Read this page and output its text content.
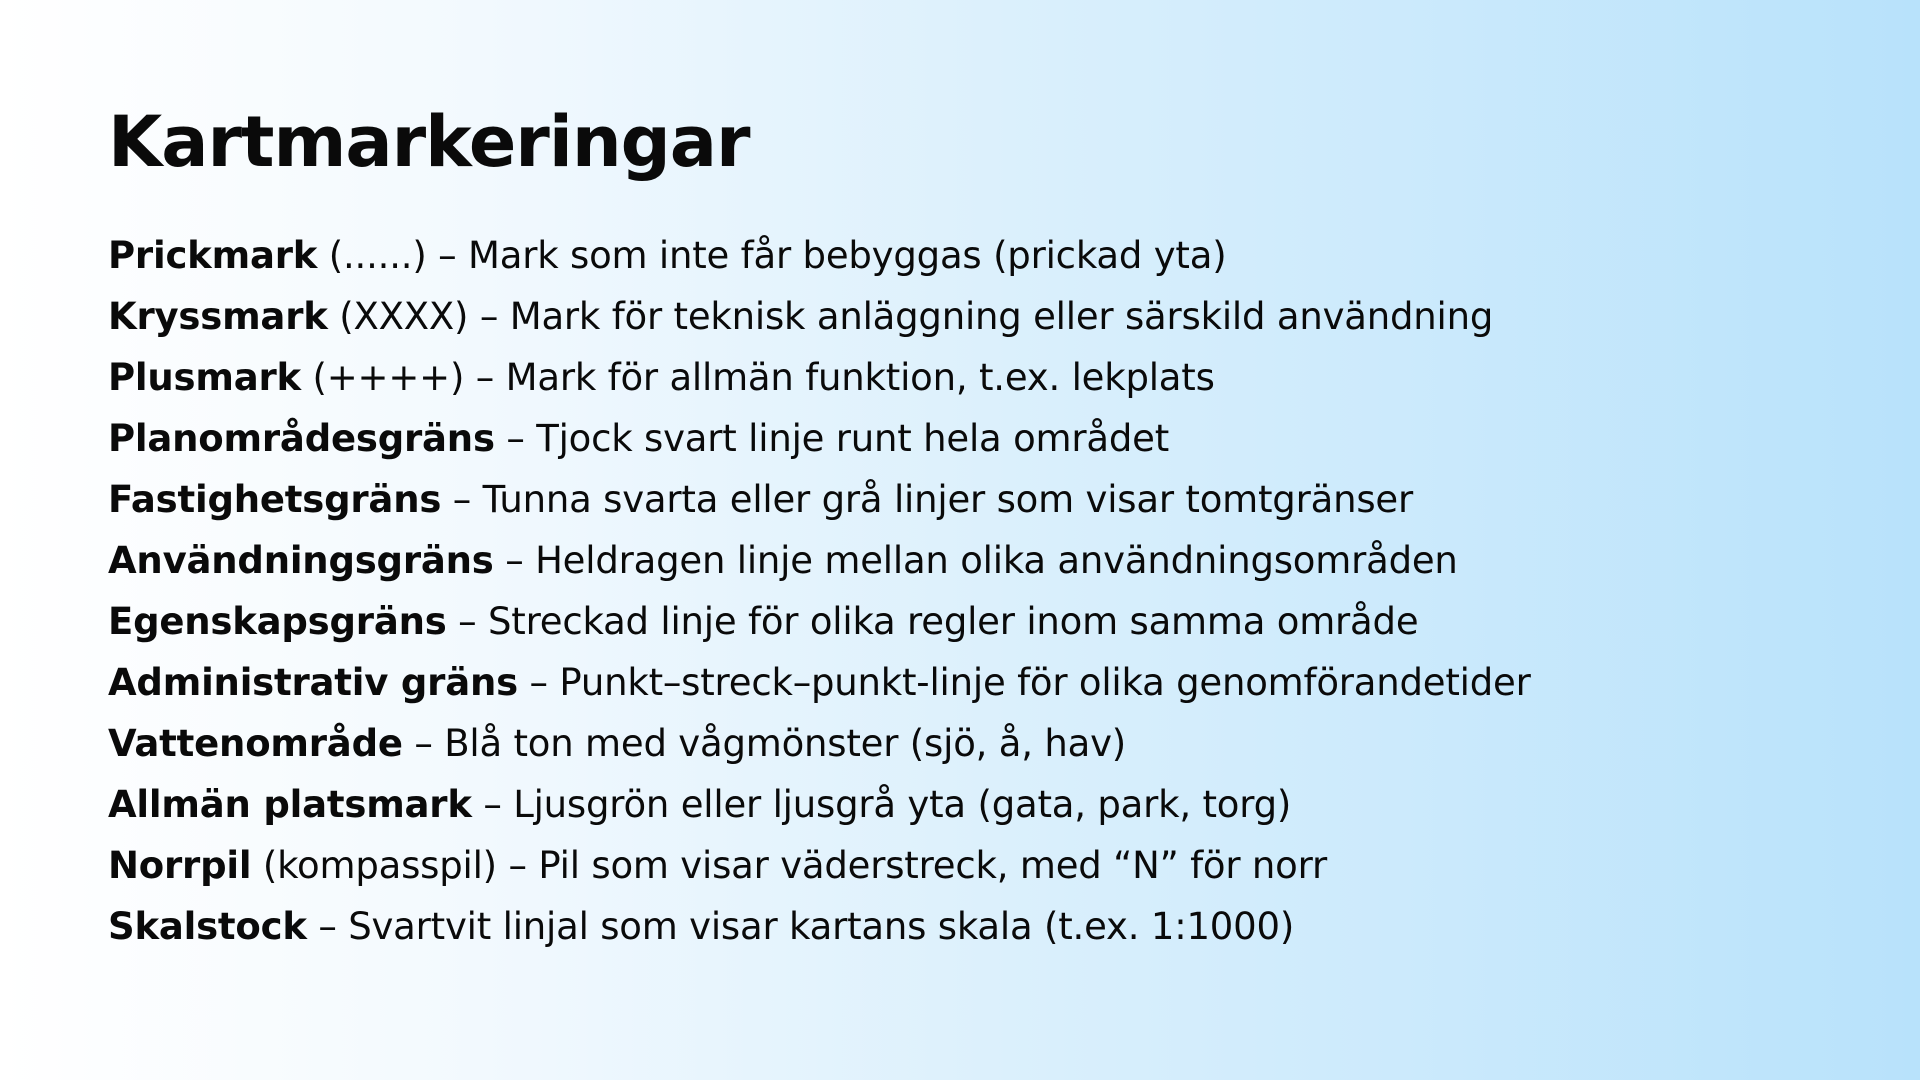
Kartmarkeringar
Prickmark (......) – Mark som inte får bebyggas (prickad yta)
Kryssmark (XXXX) – Mark för teknisk anläggning eller särskild användning
Plusmark (++++) – Mark för allmän funktion, t.ex. lekplats
Planområdesgräns – Tjock svart linje runt hela området
Fastighetsgräns – Tunna svarta eller grå linjer som visar tomtgränser
Användningsgräns – Heldragen linje mellan olika användningsområden
Egenskapsgräns – Streckad linje för olika regler inom samma område
Administrativ gräns – Punkt–streck–punkt-linje för olika genomförandetider
Vattenområde – Blå ton med vågmönster (sjö, å, hav)
Allmän platsmark – Ljusgrön eller ljusgrå yta (gata, park, torg)
Norrpil (kompasspil) – Pil som visar väderstreck, med “N” för norr
Skalstock – Svartvit linjal som visar kartans skala (t.ex. 1:1000)
